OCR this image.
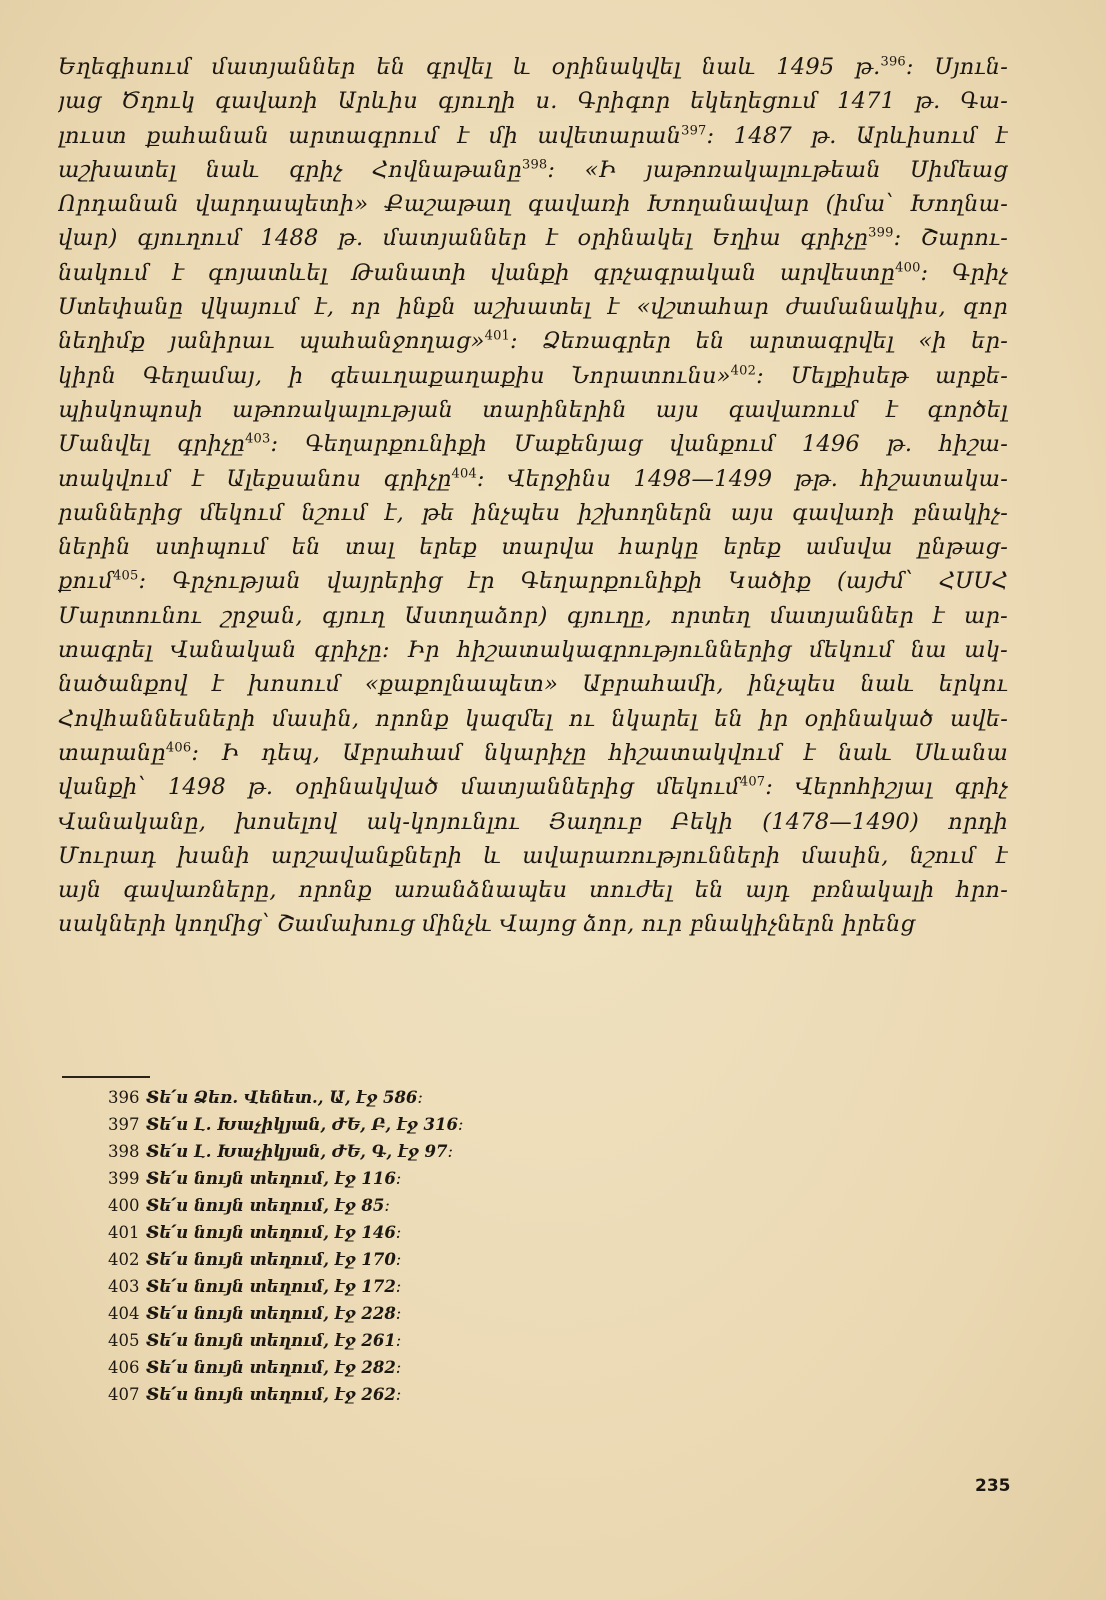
Եղեգիսում մատյաններ են գրվել և օրինակվել նաև 1495 թ.$^{396}$։ Սյուն-
յաց Ծղուկ գավառի Արևիս գյուղի ս. Գրիգոր եկեղեցում 1471 թ. Գա-
լուստ քահանան արտագրում է մի ավետարան$^{397}$։ 1487 թ. Արևիսում է
աշխատել նաև գրիչ Հովնաթանը$^{398}$։ «Ի յաթոռակալութեան Սիմեաց
Որդանան վարդապետի» Քաշաթաղ գավառի Խողանավար (իմա՝ Խողնա-
վար) գյուղում 1488 թ. մատյաններ է օրինակել Եղիա գրիչը$^{399}$։ Շարու-
նակում է գոյատևել Թանատի վանքի գրչագրական արվեստը$^{400}$։ Գրիչ
Ստեփանը վկայում է, որ ինքն աշխատել է «վշտահար ժամանակիս, զոր
նեղիմք յանիրաւ պահանջողաց»$^{401}$։ Ձեռագրեր են արտագրվել «ի եր-
կիրն Գեղամայ, ի գեաւղաքաղաքիս Նորատունս»$^{402}$։ Մելքիսեթ արքե-
պիսկոպոսի աթոռակալության տարիներին այս գավառում է գործել
Մանվել գրիչը$^{403}$։ Գեղարքունիքի Մաքենյաց վանքում 1496 թ. հիշա-
տակվում է Ալեքսանոս գրիչը$^{404}$։ Վերջինս 1498—1499 թթ. հիշատակա-
րաններից մեկում նշում է, թե ինչպես իշխողներն այս գավառի բնակիչ-
ներին ստիպում են տալ երեք տարվա հարկը երեք ամսվա ընթաց-
քում$^{405}$։ Գրչության վայրերից էր Գեղարքունիքի Կածիք (այժմ՝ ՀՍՍՀ
Մարտունու շրջան, գյուղ Աստղաձոր) գյուղը, որտեղ մատյաններ է ար-
տագրել Վանական գրիչը։ Իր հիշատակագրություններից մեկում նա ակ-
նածանքով է խոսում «քաքոլնապետ» Աբրահամի, ինչպես նաև երկու
Հովհաննեսների մասին, որոնք կազմել ու նկարել են իր օրինակած ավե-
տարանը$^{406}$։ Ի դեպ, Աբրահամ նկարիչը հիշատակվում է նաև Սևանա
վանքի՝ 1498 թ. օրինակված մատյաններից մեկում$^{407}$։ Վերոհիշյալ գրիչ
Վանականը, խոսելով ակ-կոյունլու Յաղուբ Բեկի (1478—1490) որդի
Մուրադ խանի արշավանքների և ավարառությունների մասին, նշում է
այն գավառները, որոնք առանձնապես տուժել են այդ բռնակալի հրո-
սակների կողմից՝ Շամախուց մինչև Վայոց ձոր, ուր բնակիչներն իրենց
396 Տե՛ս Ձեռ. Վենետ., Ա, էջ 586։
397 Տե՛ս Լ. Խաչիկյան, ԺԵ, Բ, էջ 316։
398 Տե՛ս Լ. Խաչիկյան, ԺԵ, Գ, էջ 97։
399 Տե՛ս նույն տեղում, էջ 116։
400 Տե՛ս նույն տեղում, էջ 85։
401 Տե՛ս նույն տեղում, էջ 146։
402 Տե՛ս նույն տեղում, էջ 170։
403 Տե՛ս նույն տեղում, էջ 172։
404 Տե՛ս նույն տեղում, էջ 228։
405 Տե՛ս նույն տեղում, էջ 261։
406 Տե՛ս նույն տեղում, էջ 282։
407 Տե՛ս նույն տեղում, էջ 262։
235
